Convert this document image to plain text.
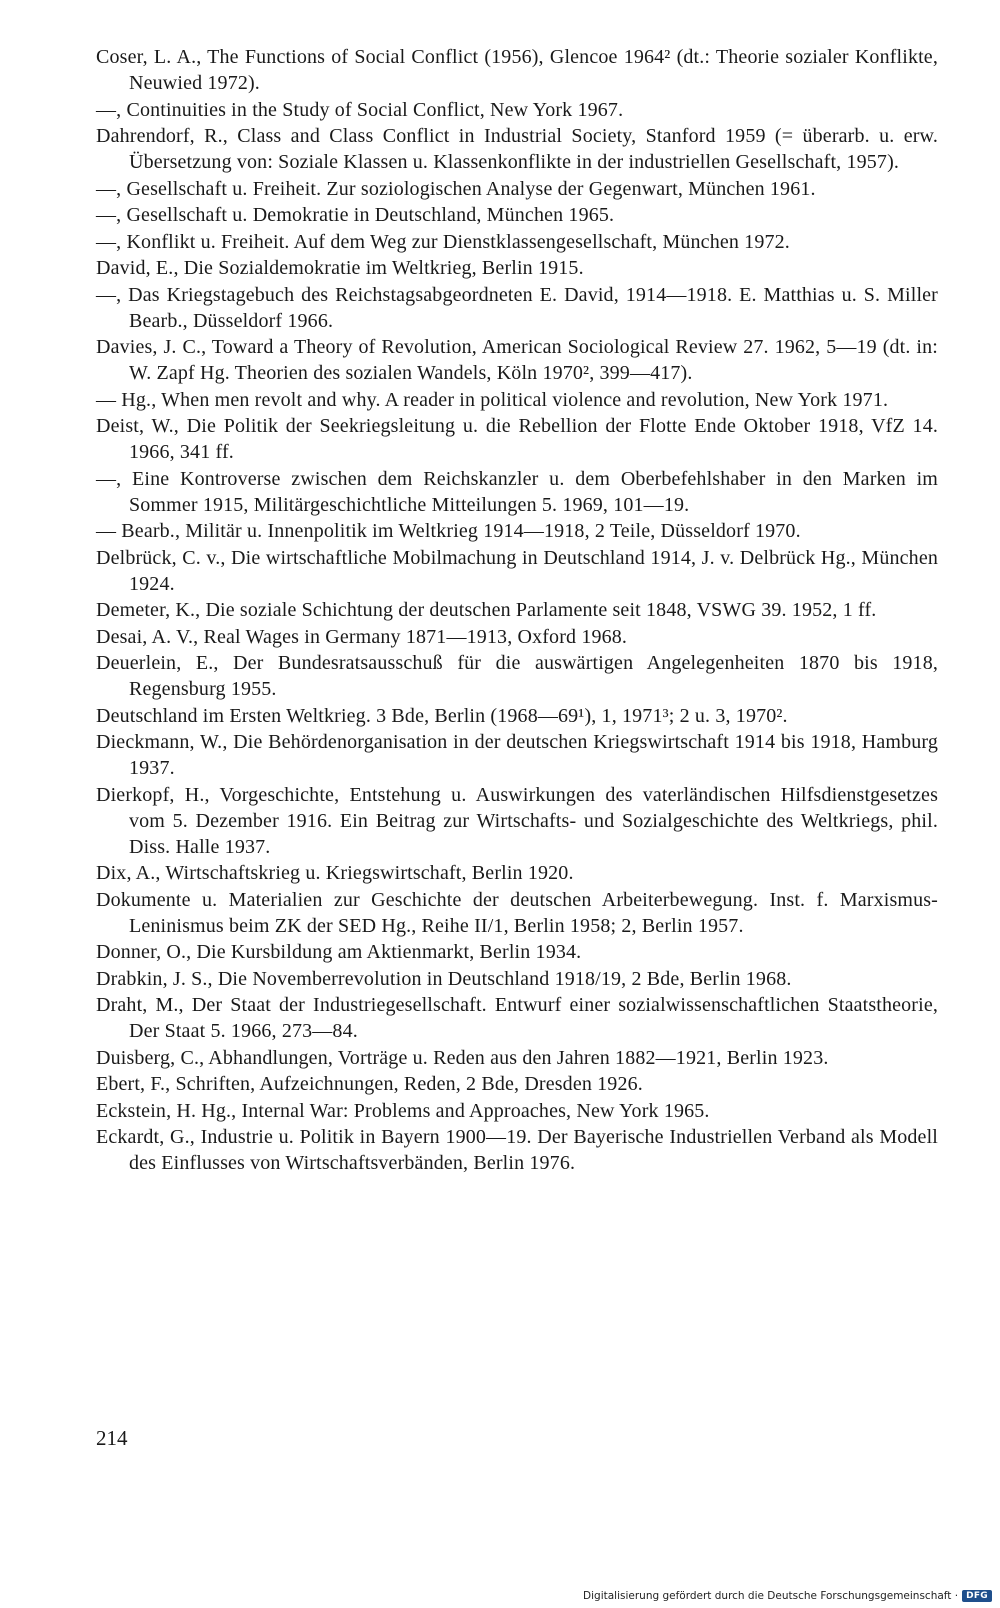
Coser, L. A., The Functions of Social Conflict (1956), Glencoe 1964² (dt.: Theorie sozialer Konflikte, Neuwied 1972).
—, Continuities in the Study of Social Conflict, New York 1967.
Dahrendorf, R., Class and Class Conflict in Industrial Society, Stanford 1959 (= überarb. u. erw. Übersetzung von: Soziale Klassen u. Klassenkonflikte in der industriellen Gesellschaft, 1957).
—, Gesellschaft u. Freiheit. Zur soziologischen Analyse der Gegenwart, München 1961.
—, Gesellschaft u. Demokratie in Deutschland, München 1965.
—, Konflikt u. Freiheit. Auf dem Weg zur Dienstklassengesellschaft, München 1972.
David, E., Die Sozialdemokratie im Weltkrieg, Berlin 1915.
—, Das Kriegstagebuch des Reichstagsabgeordneten E. David, 1914—1918. E. Matthias u. S. Miller Bearb., Düsseldorf 1966.
Davies, J. C., Toward a Theory of Revolution, American Sociological Review 27. 1962, 5—19 (dt. in: W. Zapf Hg. Theorien des sozialen Wandels, Köln 1970², 399—417).
— Hg., When men revolt and why. A reader in political violence and revolution, New York 1971.
Deist, W., Die Politik der Seekriegsleitung u. die Rebellion der Flotte Ende Oktober 1918, VfZ 14. 1966, 341 ff.
—, Eine Kontroverse zwischen dem Reichskanzler u. dem Oberbefehlshaber in den Marken im Sommer 1915, Militärgeschichtliche Mitteilungen 5. 1969, 101—19.
— Bearb., Militär u. Innenpolitik im Weltkrieg 1914—1918, 2 Teile, Düsseldorf 1970.
Delbrück, C. v., Die wirtschaftliche Mobilmachung in Deutschland 1914, J. v. Delbrück Hg., München 1924.
Demeter, K., Die soziale Schichtung der deutschen Parlamente seit 1848, VSWG 39. 1952, 1 ff.
Desai, A. V., Real Wages in Germany 1871—1913, Oxford 1968.
Deuerlein, E., Der Bundesratsausschuß für die auswärtigen Angelegenheiten 1870 bis 1918, Regensburg 1955.
Deutschland im Ersten Weltkrieg. 3 Bde, Berlin (1968—69¹), 1, 1971³; 2 u. 3, 1970².
Dieckmann, W., Die Behördenorganisation in der deutschen Kriegswirtschaft 1914 bis 1918, Hamburg 1937.
Dierkopf, H., Vorgeschichte, Entstehung u. Auswirkungen des vaterländischen Hilfsdienstgesetzes vom 5. Dezember 1916. Ein Beitrag zur Wirtschafts- und Sozialgeschichte des Weltkriegs, phil. Diss. Halle 1937.
Dix, A., Wirtschaftskrieg u. Kriegswirtschaft, Berlin 1920.
Dokumente u. Materialien zur Geschichte der deutschen Arbeiterbewegung. Inst. f. Marxismus-Leninismus beim ZK der SED Hg., Reihe II/1, Berlin 1958; 2, Berlin 1957.
Donner, O., Die Kursbildung am Aktienmarkt, Berlin 1934.
Drabkin, J. S., Die Novemberrevolution in Deutschland 1918/19, 2 Bde, Berlin 1968.
Draht, M., Der Staat der Industriegesellschaft. Entwurf einer sozialwissenschaftlichen Staatstheorie, Der Staat 5. 1966, 273—84.
Duisberg, C., Abhandlungen, Vorträge u. Reden aus den Jahren 1882—1921, Berlin 1923.
Ebert, F., Schriften, Aufzeichnungen, Reden, 2 Bde, Dresden 1926.
Eckstein, H. Hg., Internal War: Problems and Approaches, New York 1965.
Eckardt, G., Industrie u. Politik in Bayern 1900—19. Der Bayerische Industriellen Verband als Modell des Einflusses von Wirtschaftsverbänden, Berlin 1976.
214
Digitalisierung gefördert durch die Deutsche Forschungsgemeinschaft · DFG
